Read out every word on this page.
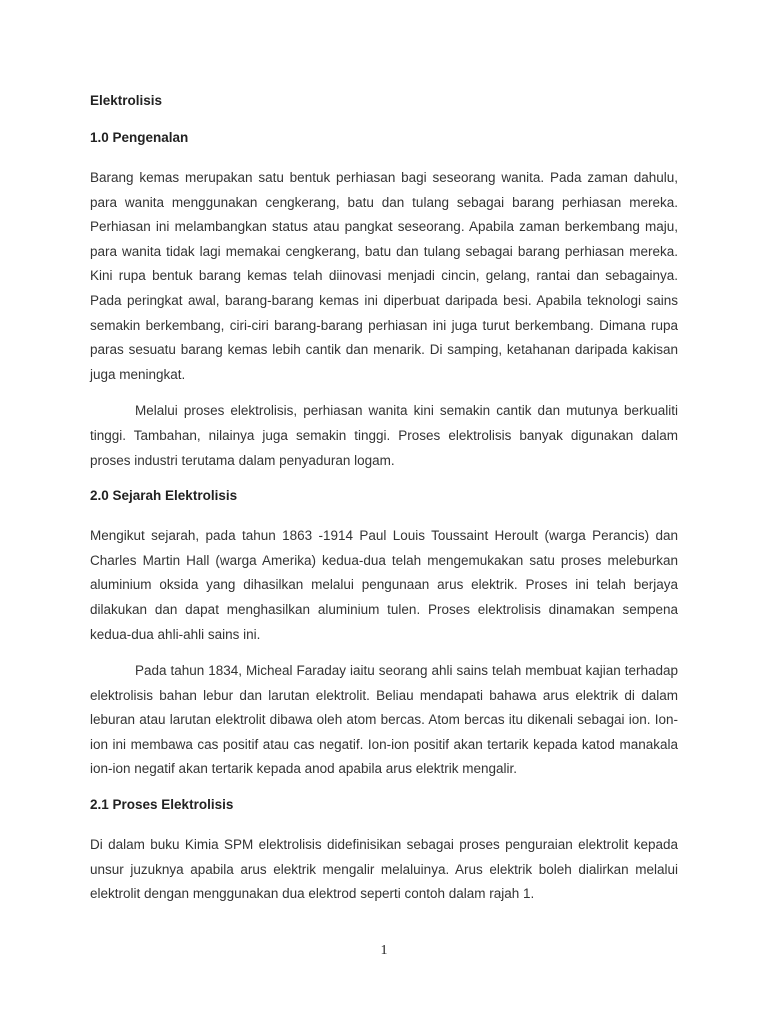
Elektrolisis

1.0 Pengenalan

Barang kemas merupakan satu bentuk perhiasan bagi seseorang wanita. Pada zaman dahulu, para wanita menggunakan cengkerang, batu dan tulang sebagai barang perhiasan mereka. Perhiasan ini melambangkan status atau pangkat seseorang. Apabila zaman berkembang maju, para wanita tidak lagi memakai cengkerang, batu dan tulang sebagai barang perhiasan mereka. Kini rupa bentuk barang kemas telah diinovasi menjadi cincin, gelang, rantai dan sebagainya. Pada peringkat awal, barang-barang kemas ini diperbuat daripada besi. Apabila teknologi sains semakin berkembang, ciri-ciri barang-barang perhiasan ini juga turut berkembang. Dimana rupa paras sesuatu barang kemas lebih cantik dan menarik. Di samping, ketahanan daripada kakisan juga meningkat.

Melalui proses elektrolisis, perhiasan wanita kini semakin cantik dan mutunya berkualiti tinggi. Tambahan, nilainya juga semakin tinggi. Proses elektrolisis banyak digunakan dalam proses industri terutama dalam penyaduran logam.

2.0 Sejarah Elektrolisis

Mengikut sejarah, pada tahun 1863 -1914 Paul Louis Toussaint Heroult (warga Perancis) dan Charles Martin Hall (warga Amerika) kedua-dua telah mengemukakan satu proses meleburkan aluminium oksida yang dihasilkan melalui pengunaan arus elektrik. Proses ini telah berjaya dilakukan dan dapat menghasilkan aluminium tulen. Proses elektrolisis dinamakan sempena kedua-dua ahli-ahli sains ini.

Pada tahun 1834, Micheal Faraday iaitu seorang ahli sains telah membuat kajian terhadap elektrolisis bahan lebur dan larutan elektrolit. Beliau mendapati bahawa arus elektrik di dalam leburan atau larutan elektrolit dibawa oleh atom bercas. Atom bercas itu dikenali sebagai ion. Ion-ion ini membawa cas positif atau cas negatif. Ion-ion positif akan tertarik kepada katod manakala ion-ion negatif akan tertarik kepada anod apabila arus elektrik mengalir.

2.1 Proses Elektrolisis

Di dalam buku Kimia SPM elektrolisis didefinisikan sebagai proses penguraian elektrolit kepada unsur juzuknya apabila arus elektrik mengalir melaluinya. Arus elektrik boleh dialirkan melalui elektrolit dengan menggunakan dua elektrod seperti contoh dalam rajah 1.

1
